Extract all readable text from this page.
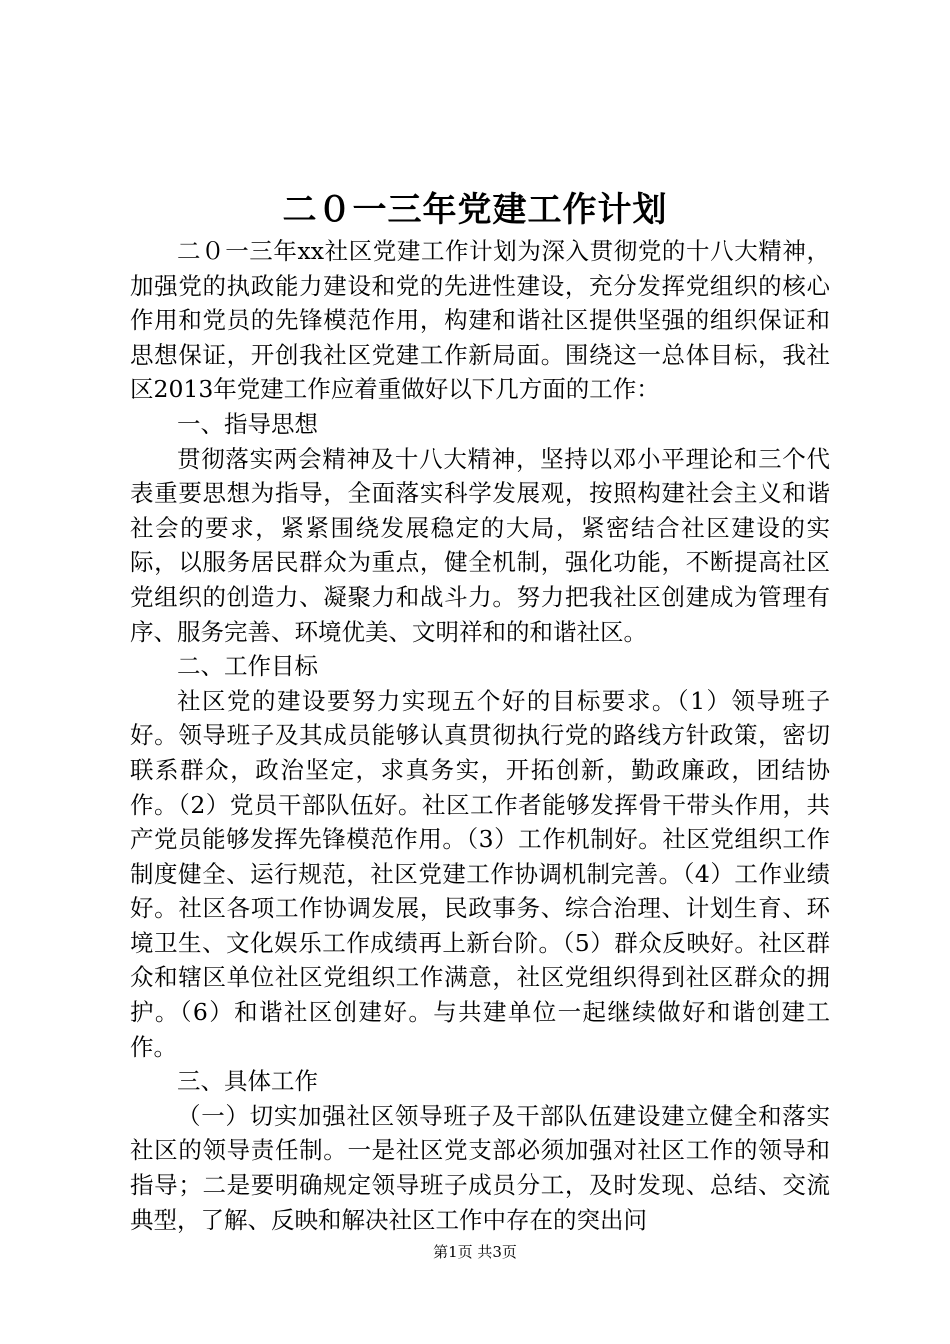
二０一三年党建工作计划

二０一三年xx社区党建工作计划为深入贯彻党的十八大精神，加强党的执政能力建设和党的先进性建设，充分发挥党组织的核心作用和党员的先锋模范作用，构建和谐社区提供坚强的组织保证和思想保证，开创我社区党建工作新局面。围绕这一总体目标，我社区2013年党建工作应着重做好以下几方面的工作：

一、指导思想

贯彻落实两会精神及十八大精神，坚持以邓小平理论和三个代表重要思想为指导，全面落实科学发展观，按照构建社会主义和谐社会的要求，紧紧围绕发展稳定的大局，紧密结合社区建设的实际，以服务居民群众为重点，健全机制，强化功能，不断提高社区党组织的创造力、凝聚力和战斗力。努力把我社区创建成为管理有序、服务完善、环境优美、文明祥和的和谐社区。

二、工作目标

社区党的建设要努力实现五个好的目标要求。（1）领导班子好。领导班子及其成员能够认真贯彻执行党的路线方针政策，密切联系群众，政治坚定，求真务实，开拓创新，勤政廉政，团结协作。（2）党员干部队伍好。社区工作者能够发挥骨干带头作用，共产党员能够发挥先锋模范作用。（3）工作机制好。社区党组织工作制度健全、运行规范，社区党建工作协调机制完善。（4）工作业绩好。社区各项工作协调发展，民政事务、综合治理、计划生育、环境卫生、文化娱乐工作成绩再上新台阶。（5）群众反映好。社区群众和辖区单位社区党组织工作满意，社区党组织得到社区群众的拥护。（6）和谐社区创建好。与共建单位一起继续做好和谐创建工作。

三、具体工作

（一）切实加强社区领导班子及干部队伍建设建立健全和落实社区的领导责任制。一是社区党支部必须加强对社区工作的领导和指导；二是要明确规定领导班子成员分工，及时发现、总结、交流典型，了解、反映和解决社区工作中存在的突出问

第1页 共3页
